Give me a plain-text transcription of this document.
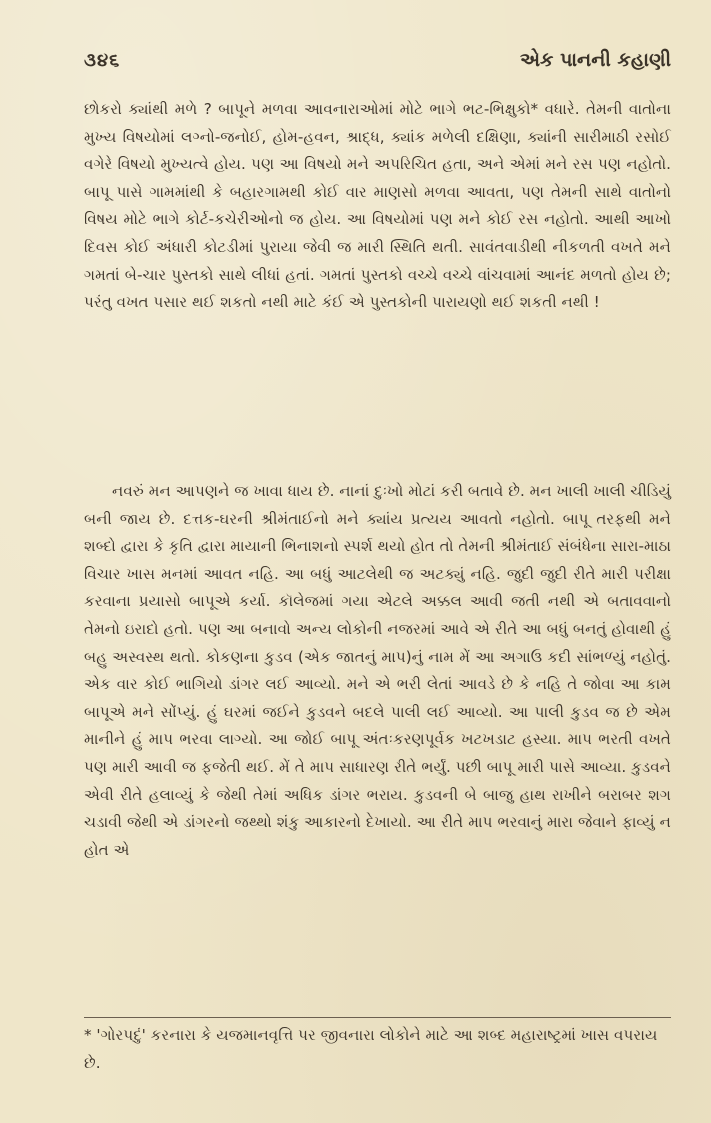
૩૪૬	એક પાનની કહાણી
છોકરો ક્યાંથી મળે ? બાપૂને મળવા આવનારાઓમાં મોટે ભાગે ભટ-ભિક્ષુકો* વધારે. તેમની વાતોના મુખ્ય વિષયોમાં લગ્નો-જનોઈ, હોમ-હવન, શ્રાદ્ધ, ક્યાંક મળેલી દક્ષિણા, ક્યાંની સારીમાઠી રસોઈ વગેરે વિષયો મુખ્યત્વે હોય. પણ આ વિષયો મને અપરિચિત હતા, અને એમાં મને રસ પણ નહોતો. બાપૂ પાસે ગામમાંથી કે બહારગામથી કોઈ વાર માણસો મળવા આવતા, પણ તેમની સાથે વાતોનો વિષય મોટે ભાગે કોર્ટ-કચેરીઓનો જ હોય. આ વિષયોમાં પણ મને કોઈ રસ નહોતો. આથી આખો દિવસ કોઈ અંધારી કોટડીમાં પુરાયા જેવી જ મારી સ્થિતિ થતી. સાવંતવાડીથી નીકળતી વખતે મને ગમતાં બે-ચાર પુસ્તકો સાથે લીધાં હતાં. ગમતાં પુસ્તકો વચ્ચે વચ્ચે વાંચવામાં આનંદ મળતો હોય છે; પરંતુ વખત પસાર થઈ શકતો નથી માટે કંઈ એ પુસ્તકોની પારાયણો થઈ શકતી નથી !
નવરું મન આપણને જ ખાવા ધાય છે. નાનાં દુઃખો મોટાં કરી બતાવે છે. મન ખાલી ખાલી ચીડિયું બની જાય છે. દત્તક-ઘરની શ્રીમંતાઈનો મને ક્યાંય પ્રત્યય આવતો નહોતો. બાપૂ તરફથી મને શબ્દો દ્વારા કે કૃતિ દ્વારા માયાની ભિનાશનો સ્પર્શ થયો હોત તો તેમની શ્રીમંતાઈ સંબંધેના સારા-માઠા વિચાર ખાસ મનમાં આવત નહિ. આ બધું આટલેથી જ અટક્યું નહિ. જુદી જુદી રીતે મારી પરીક્ષા કરવાના પ્રયાસો બાપૂએ કર્યા. કૉલેજમાં ગયા એટલે અક્કલ આવી જતી નથી એ બતાવવાનો તેમનો ઇરાદો હતો. પણ આ બનાવો અન્ય લોકોની નજરમાં આવે એ રીતે આ બધું બનતું હોવાથી હું બહુ અસ્વસ્થ થતો. કોકણના કુડવ (એક જાતનું માપ)નું નામ મેં આ અગાઉ કદી સાંભળ્યું નહોતું. એક વાર કોઈ ભાગિયો ડાંગર લઈ આવ્યો. મને એ ભરી લેતાં આવડે છે કે નહિ તે જોવા આ કામ બાપૂએ મને સોંપ્યું. હું ઘરમાં જઈને કુડવને બદલે પાલી લઈ આવ્યો. આ પાલી કુડવ જ છે એમ માનીને હું માપ ભરવા લાગ્યો. આ જોઈ બાપૂ અંતઃકરણપૂર્વક ખટખડાટ હસ્યા. માપ ભરતી વખતે પણ મારી આવી જ ફજેતી થઈ. મેં તે માપ સાધારણ રીતે ભર્યું. પછી બાપૂ મારી પાસે આવ્યા. કુડવને એવી રીતે હલાવ્યું કે જેથી તેમાં અધિક ડાંગર ભરાય. કુડવની બે બાજુ હાથ રાખીને બરાબર શગ ચડાવી જેથી એ ડાંગરનો જથ્થો શંકુ આકારનો દેખાયો. આ રીતે માપ ભરવાનું મારા જેવાને ફાવ્યું ન હોત એ
* 'ગોરપદું' કરનારા કે યજમાનવૃત્તિ પર જીવનારા લોકોને માટે આ શબ્દ મહારાષ્ટ્રમાં ખાસ વપરાય છે.
